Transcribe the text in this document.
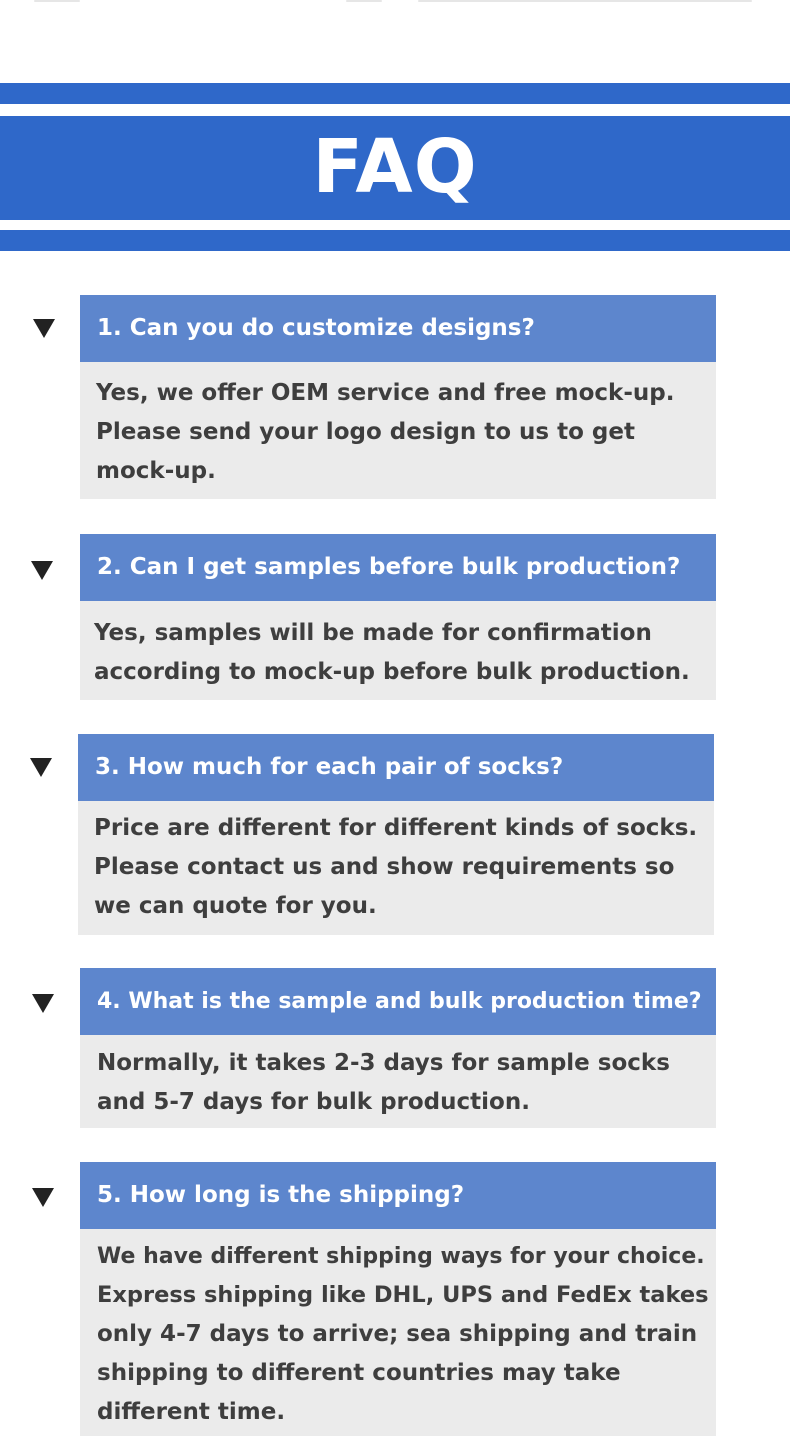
FAQ
1. Can you do customize designs?
Yes, we offer OEM service and free mock-up.
Please send your logo design to us to get
mock-up.
2. Can I get samples before bulk production?
Yes, samples will be made for confirmation
according to mock-up before bulk production.
3. How much for each pair of socks?
Price are different for different kinds of socks.
Please contact us and show requirements so
we can quote for you.
4. What is the sample and bulk production time?
Normally, it takes 2-3 days for sample socks
and 5-7 days for bulk production.
5. How long is the shipping?
We have different shipping ways for your choice.
Express shipping like DHL, UPS and FedEx takes
only 4-7 days to arrive; sea shipping and train
shipping to different countries may take
different time.
